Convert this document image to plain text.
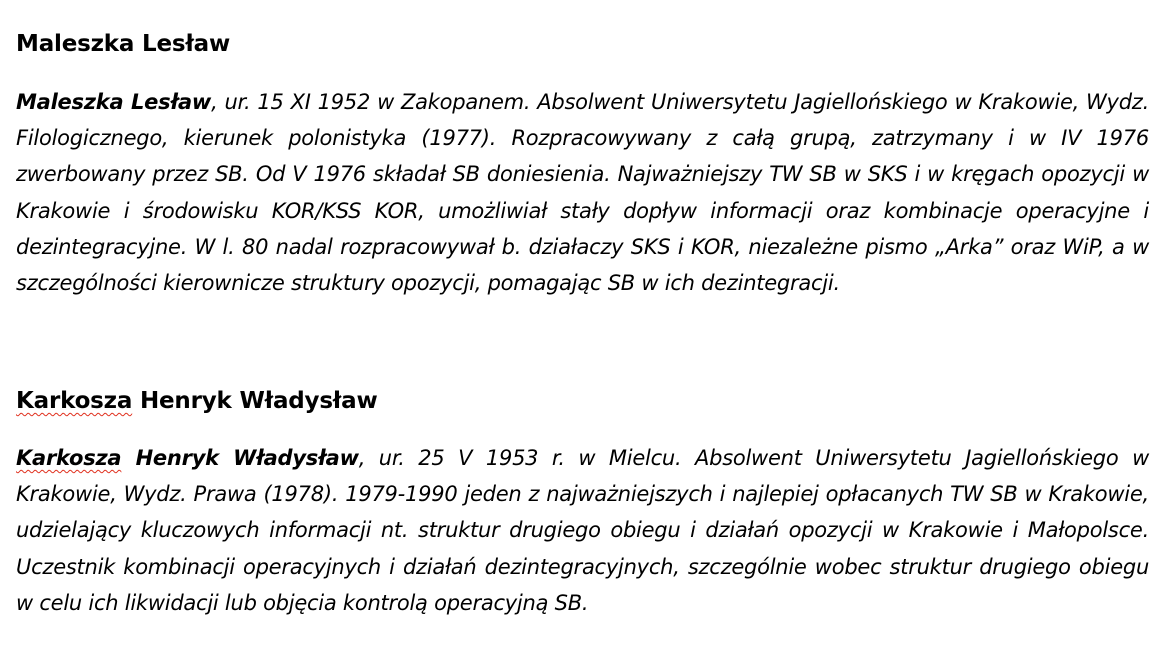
Maleszka Lesław

Maleszka Lesław, ur. 15 XI 1952 w Zakopanem. Absolwent Uniwersytetu Jagiellońskiego w Krakowie, Wydz. Filologicznego, kierunek polonistyka (1977). Rozpracowywany z całą grupą, zatrzymany i w IV 1976 zwerbowany przez SB. Od V 1976 składał SB doniesienia. Najważniejszy TW SB w SKS i w kręgach opozycji w Krakowie i środowisku KOR/KSS KOR, umożliwiał stały dopływ informacji oraz kombinacje operacyjne i dezintegracyjne. W l. 80 nadal rozpracowywał b. działaczy SKS i KOR, niezależne pismo „Arka” oraz WiP, a w szczególności kierownicze struktury opozycji, pomagając SB w ich dezintegracji.

Karkosza Henryk Władysław

Karkosza Henryk Władysław, ur. 25 V 1953 r. w Mielcu. Absolwent Uniwersytetu Jagiellońskiego w Krakowie, Wydz. Prawa (1978). 1979-1990 jeden z najważniejszych i najlepiej opłacanych TW SB w Krakowie, udzielający kluczowych informacji nt. struktur drugiego obiegu i działań opozycji w Krakowie i Małopolsce. Uczestnik kombinacji operacyjnych i działań dezintegracyjnych, szczególnie wobec struktur drugiego obiegu w celu ich likwidacji lub objęcia kontrolą operacyjną SB.
